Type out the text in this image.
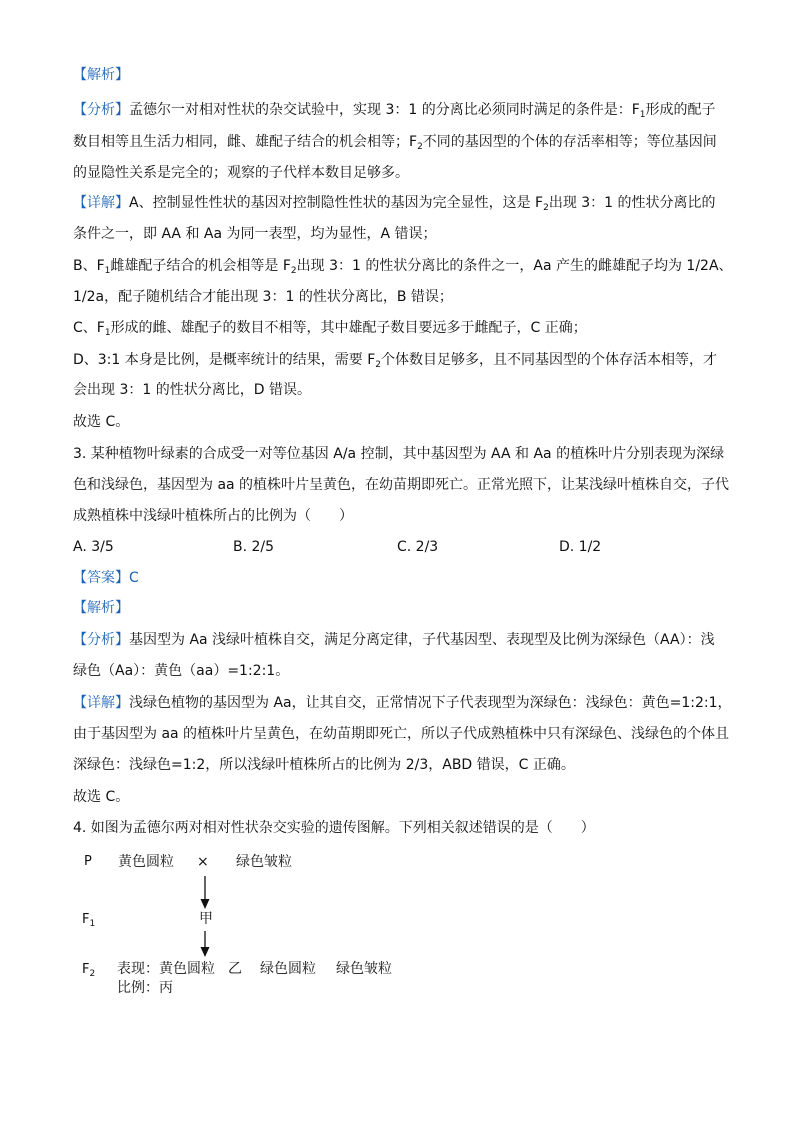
【解析】
【分析】孟德尔一对相对性状的杂交试验中，实现 3：1 的分离比必须同时满足的条件是：$F_1$形成的配子
数目相等且生活力相同，雌、雄配子结合的机会相等；$F_2$不同的基因型的个体的存活率相等；等位基因间
的显隐性关系是完全的；观察的子代样本数目足够多。
【详解】A、控制显性性状的基因对控制隐性性状的基因为完全显性，这是 $F_2$出现 3：1 的性状分离比的
条件之一，即 AA 和 Aa 为同一表型，均为显性，A 错误；
B、$F_1$雌雄配子结合的机会相等是 $F_2$出现 3：1 的性状分离比的条件之一，Aa 产生的雌雄配子均为 1/2A、
1/2a，配子随机结合才能出现 3：1 的性状分离比，B 错误；
C、$F_1$形成的雌、雄配子的数目不相等，其中雄配子数目要远多于雌配子，C 正确；
D、3:1 本身是比例，是概率统计的结果，需要 $F_2$个体数目足够多，且不同基因型的个体存活本相等，才
会出现 3：1 的性状分离比，D 错误。
故选 C。
3. 某种植物叶绿素的合成受一对等位基因 A/a 控制，其中基因型为 AA 和 Aa 的植株叶片分别表现为深绿
色和浅绿色，基因型为 aa 的植株叶片呈黄色，在幼苗期即死亡。正常光照下，让某浅绿叶植株自交，子代
成熟植株中浅绿叶植株所占的比例为（　　）
A. 3/5	B. 2/5	C. 2/3	D. 1/2
【答案】C
【解析】
【分析】基因型为 Aa 浅绿叶植株自交，满足分离定律，子代基因型、表现型及比例为深绿色（AA）：浅
绿色（Aa）：黄色（aa）=1:2:1。
【详解】浅绿色植物的基因型为 Aa，让其自交，正常情况下子代表现型为深绿色：浅绿色：黄色=1:2:1，
由于基因型为 aa 的植株叶片呈黄色，在幼苗期即死亡，所以子代成熟植株中只有深绿色、浅绿色的个体且
深绿色：浅绿色=1:2，所以浅绿叶植株所占的比例为 2/3，ABD 错误，C 正确。
故选 C。
4. 如图为孟德尔两对相对性状杂交实验的遗传图解。下列相关叙述错误的是（　　）
P 黄色圆粒 × 绿色皱粒
$F_1$	甲
$F_2$ 表现：黄色圆粒 乙 绿色圆粒 绿色皱粒
比例：丙
